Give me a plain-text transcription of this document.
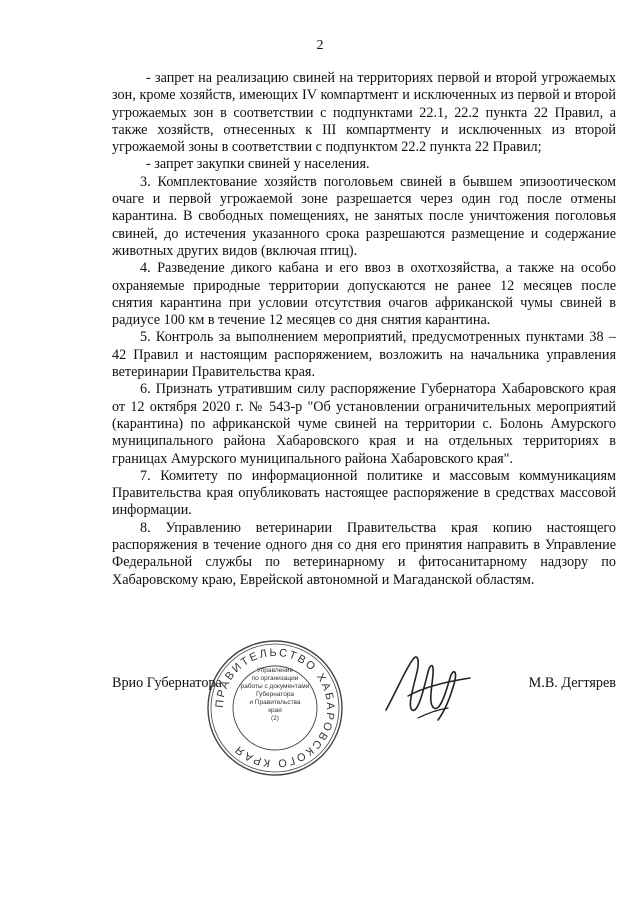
2

- запрет на реализацию свиней на территориях первой и второй угрожаемых зон, кроме хозяйств, имеющих IV компартмент и исключенных из первой и второй угрожаемых зон в соответствии с подпунктами 22.1, 22.2 пункта 22 Правил, а также хозяйств, отнесенных к III компартменту и исключенных из второй угрожаемой зоны в соответствии с подпунктом 22.2 пункта 22 Правил;

- запрет закупки свиней у населения.

3. Комплектование хозяйств поголовьем свиней в бывшем эпизоотическом очаге и первой угрожаемой зоне разрешается через один год после отмены карантина. В свободных помещениях, не занятых после уничтожения поголовья свиней, до истечения указанного срока разрешаются размещение и содержание животных других видов (включая птиц).

4. Разведение дикого кабана и его ввоз в охотхозяйства, а также на особо охраняемые природные территории допускаются не ранее 12 месяцев после снятия карантина при условии отсутствия очагов африканской чумы свиней в радиусе 100 км в течение 12 месяцев со дня снятия карантина.

5. Контроль за выполнением мероприятий, предусмотренных пунктами 38 – 42 Правил и настоящим распоряжением, возложить на начальника управления ветеринарии Правительства края.

6. Признать утратившим силу распоряжение Губернатора Хабаровского края от 12 октября 2020 г. № 543-р "Об установлении ограничительных мероприятий (карантина) по африканской чуме свиней на территории с. Болонь Амурского муниципального района Хабаровского края и на отдельных территориях в границах Амурского муниципального района Хабаровского края".

7. Комитету по информационной политике и массовым коммуникациям Правительства края опубликовать настоящее распоряжение в средствах массовой информации.

8. Управлению ветеринарии Правительства края копию настоящего распоряжения в течение одного дня со дня его принятия направить в Управление Федеральной службы по ветеринарному и фитосанитарному надзору по Хабаровскому краю, Еврейской автономной и Магаданской областям.

ПРАВИТЕЛЬСТВО ХАБАРОВСКОГО КРАЯ
Управление
по организации
работы с документами
Губернатора
и Правительства
края
(2)
Врио Губернатора	М.В. Дегтярев
